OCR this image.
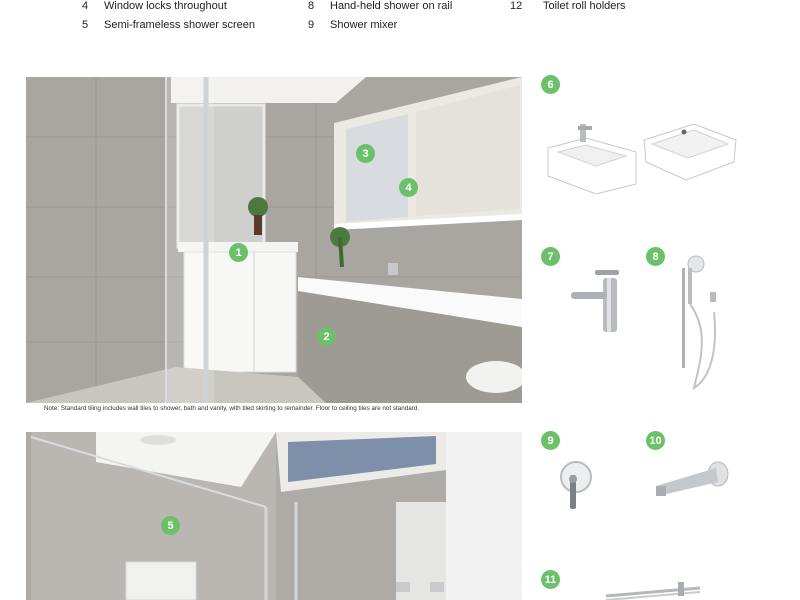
4 Window locks throughout
5 Semi-frameless shower screen
8 Hand-held shower on rail
9 Shower mixer
12 Toilet roll holders
1
2
3
4
Note: Standard tiling includes wall tiles to shower, bath and vanity, with tiled skirting to remainder. Floor to ceiling tiles are not standard.
5
6
7	8
9	10
11
